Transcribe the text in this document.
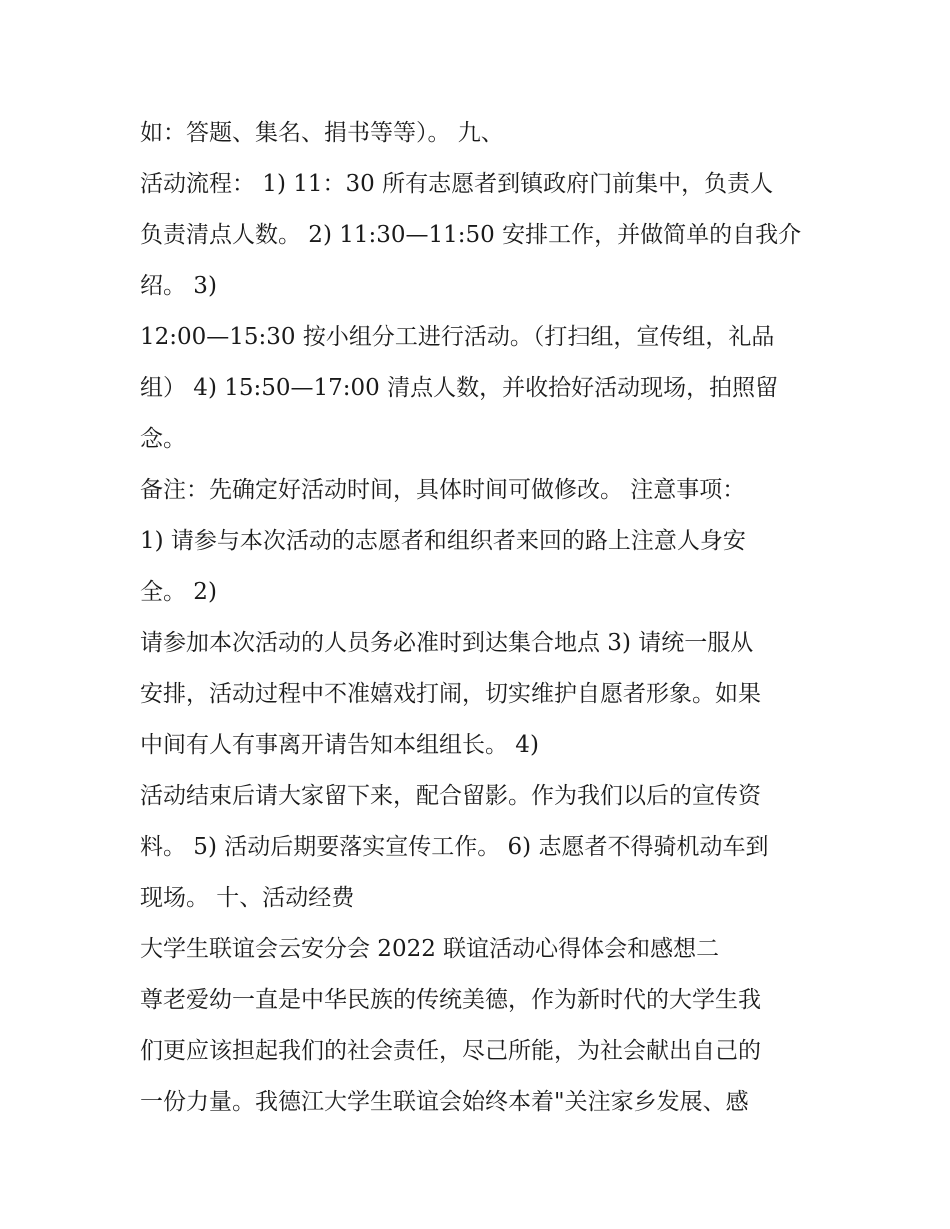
如：答题、集名、捐书等等）。 九、
活动流程： 1) 11：30 所有志愿者到镇政府门前集中，负责人
负责清点人数。 2) 11:30—11:50 安排工作，并做简单的自我介
绍。 3)
12:00—15:30 按小组分工进行活动。（打扫组，宣传组，礼品
组） 4) 15:50—17:00 清点人数，并收拾好活动现场，拍照留
念。
备注：先确定好活动时间，具体时间可做修改。 注意事项：
1) 请参与本次活动的志愿者和组织者来回的路上注意人身安
全。 2)
请参加本次活动的人员务必准时到达集合地点 3) 请统一服从
安排，活动过程中不准嬉戏打闹，切实维护自愿者形象。如果
中间有人有事离开请告知本组组长。 4)
活动结束后请大家留下来，配合留影。作为我们以后的宣传资
料。 5) 活动后期要落实宣传工作。 6) 志愿者不得骑机动车到
现场。 十、活动经费
大学生联谊会云安分会 2022 联谊活动心得体会和感想二
尊老爱幼一直是中华民族的传统美德，作为新时代的大学生我
们更应该担起我们的社会责任，尽己所能，为社会献出自己的
一份力量。我德江大学生联谊会始终本着"关注家乡发展、感
